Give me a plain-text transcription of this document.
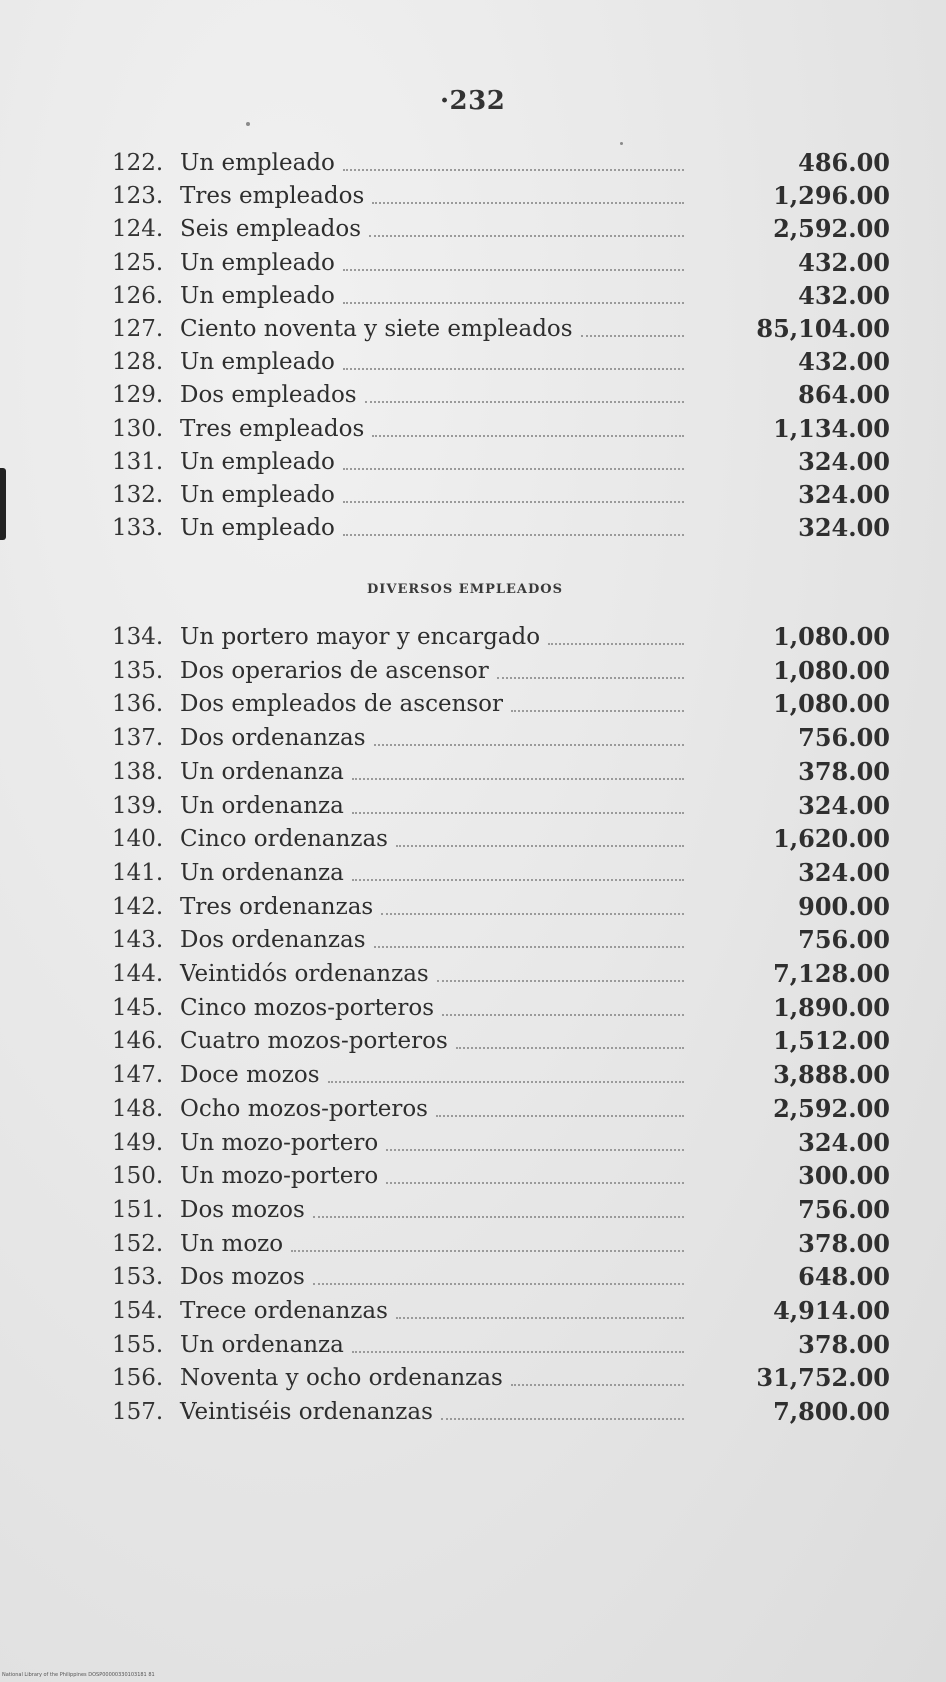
·232
122. Un empleado	486.00
123. Tres empleados	1,296.00
124. Seis empleados	2,592.00
125. Un empleado	432.00
126. Un empleado	432.00
127. Ciento noventa y siete empleados	85,104.00
128. Un empleado	432.00
129. Dos empleados	864.00
130. Tres empleados	1,134.00
131. Un empleado	324.00
132. Un empleado	324.00
133. Un empleado	324.00
DIVERSOS EMPLEADOS
134. Un portero mayor y encargado	1,080.00
135. Dos operarios de ascensor	1,080.00
136. Dos empleados de ascensor	1,080.00
137. Dos ordenanzas	756.00
138. Un ordenanza	378.00
139. Un ordenanza	324.00
140. Cinco ordenanzas	1,620.00
141. Un ordenanza	324.00
142. Tres ordenanzas	900.00
143. Dos ordenanzas	756.00
144. Veintidós ordenanzas	7,128.00
145. Cinco mozos-porteros	1,890.00
146. Cuatro mozos-porteros	1,512.00
147. Doce mozos	3,888.00
148. Ocho mozos-porteros	2,592.00
149. Un mozo-portero	324.00
150. Un mozo-portero	300.00
151. Dos mozos	756.00
152. Un mozo	378.00
153. Dos mozos	648.00
154. Trece ordenanzas	4,914.00
155. Un ordenanza	378.00
156. Noventa y ocho ordenanzas	31,752.00
157. Veintiséis ordenanzas	7,800.00
National Library of the Philippines DOSP00000330103181 81
